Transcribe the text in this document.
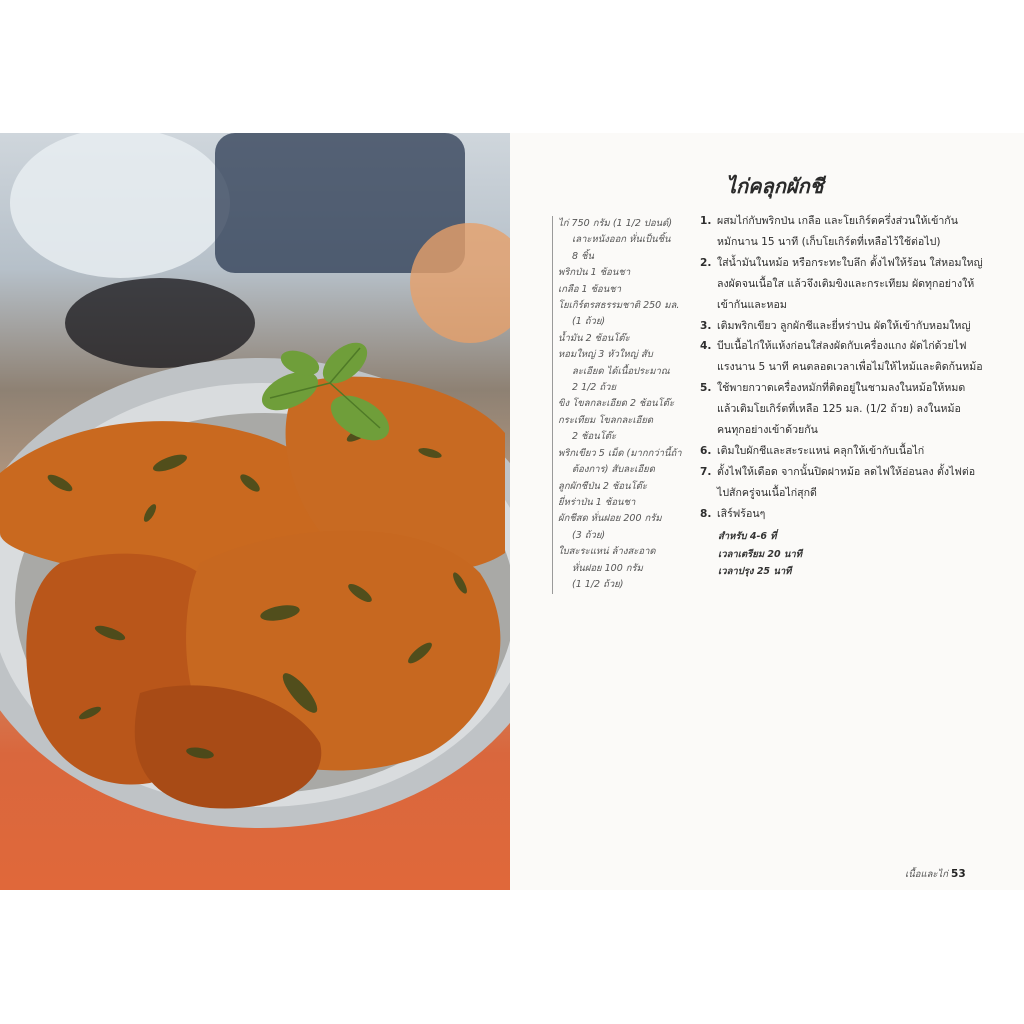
ไก่คลุกผักชี
ไก่ 750 กรัม (1 1/2 ปอนด์)
เลาะหนังออก หั่นเป็นชิ้น
8 ชิ้น
พริกป่น 1 ช้อนชา
เกลือ 1 ช้อนชา
โยเกิร์ตรสธรรมชาติ 250 มล.
(1 ถ้วย)
น้ำมัน 2 ช้อนโต๊ะ
หอมใหญ่ 3 หัวใหญ่ สับ
ละเอียด ได้เนื้อประมาณ
2 1/2 ถ้วย
ขิง โขลกละเอียด 2 ช้อนโต๊ะ
กระเทียม โขลกละเอียด
2 ช้อนโต๊ะ
พริกเขียว 5 เม็ด (มากกว่านี้ถ้า
ต้องการ) สับละเอียด
ลูกผักชีป่น 2 ช้อนโต๊ะ
ยี่หร่าป่น 1 ช้อนชา
ผักชีสด หั่นฝอย 200 กรัม
(3 ถ้วย)
ใบสะระแหน่ ล้างสะอาด
หั่นฝอย 100 กรัม
(1 1/2 ถ้วย)
1. ผสมไก่กับพริกป่น เกลือ และโยเกิร์ตครึ่งส่วนให้เข้ากัน
หมักนาน 15 นาที (เก็บโยเกิร์ตที่เหลือไว้ใช้ต่อไป)
2. ใส่น้ำมันในหม้อ หรือกระทะใบลึก ตั้งไฟให้ร้อน ใส่หอมใหญ่
ลงผัดจนเนื้อใส แล้วจึงเติมขิงและกระเทียม ผัดทุกอย่างให้
เข้ากันและหอม
3. เติมพริกเขียว ลูกผักชีและยี่หร่าป่น ผัดให้เข้ากับหอมใหญ่
4. บีบเนื้อไก่ให้แห้งก่อนใส่ลงผัดกับเครื่องแกง ผัดไก่ด้วยไฟ
แรงนาน 5 นาที คนตลอดเวลาเพื่อไม่ให้ไหม้และติดก้นหม้อ
5. ใช้พายกวาดเครื่องหมักที่ติดอยู่ในชามลงในหม้อให้หมด
แล้วเติมโยเกิร์ตที่เหลือ 125 มล. (1/2 ถ้วย) ลงในหม้อ
คนทุกอย่างเข้าด้วยกัน
6. เติมใบผักชีและสะระแหน่ คลุกให้เข้ากับเนื้อไก่
7. ตั้งไฟให้เดือด จากนั้นปิดฝาหม้อ ลดไฟให้อ่อนลง ตั้งไฟต่อ
ไปสักครู่จนเนื้อไก่สุกดี
8. เสิร์ฟร้อนๆ
สำหรับ 4-6 ที่
เวลาเตรียม 20 นาที
เวลาปรุง 25 นาที
เนื้อและไก่ 53
